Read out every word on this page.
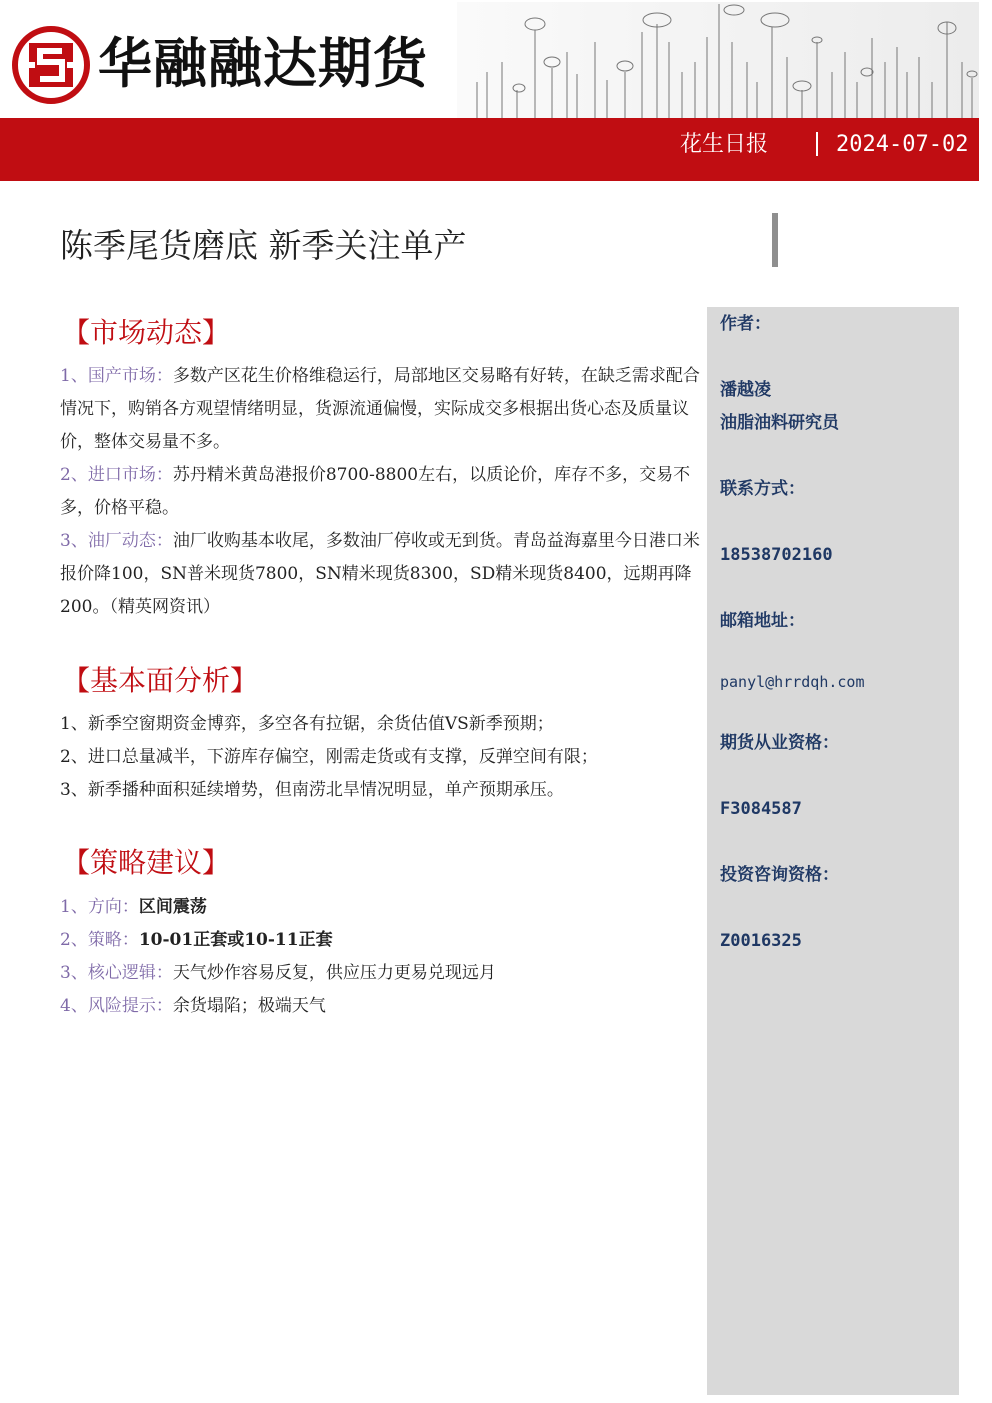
华融融达期货
花生日报	2024-07-02
陈季尾货磨底 新季关注单产
作者：
潘越凌
油脂油料研究员
联系方式：
18538702160
邮箱地址：
panyl@hrrdqh.com
期货从业资格：
F3084587
投资咨询资格：
Z0016325
【市场动态】

1、国产市场：多数产区花生价格维稳运行，局部地区交易略有好转，在缺乏需求配合情况下，购销各方观望情绪明显，货源流通偏慢，实际成交多根据出货心态及质量议价，整体交易量不多。

2、进口市场：苏丹精米黄岛港报价8700-8800左右，以质论价，库存不多，交易不多，价格平稳。

3、油厂动态：油厂收购基本收尾，多数油厂停收或无到货。青岛益海嘉里今日港口米报价降100，SN普米现货7800，SN精米现货8300，SD精米现货8400，远期再降200。（精英网资讯）

【基本面分析】
1、新季空窗期资金博弈，多空各有拉锯，余货估值VS新季预期；
2、进口总量减半，下游库存偏空，刚需走货或有支撑，反弹空间有限；
3、新季播种面积延续增势，但南涝北旱情况明显，单产预期承压。
【策略建议】
1、方向：区间震荡
2、策略：10-01正套或10-11正套
3、核心逻辑：天气炒作容易反复，供应压力更易兑现远月
4、风险提示：余货塌陷；极端天气
